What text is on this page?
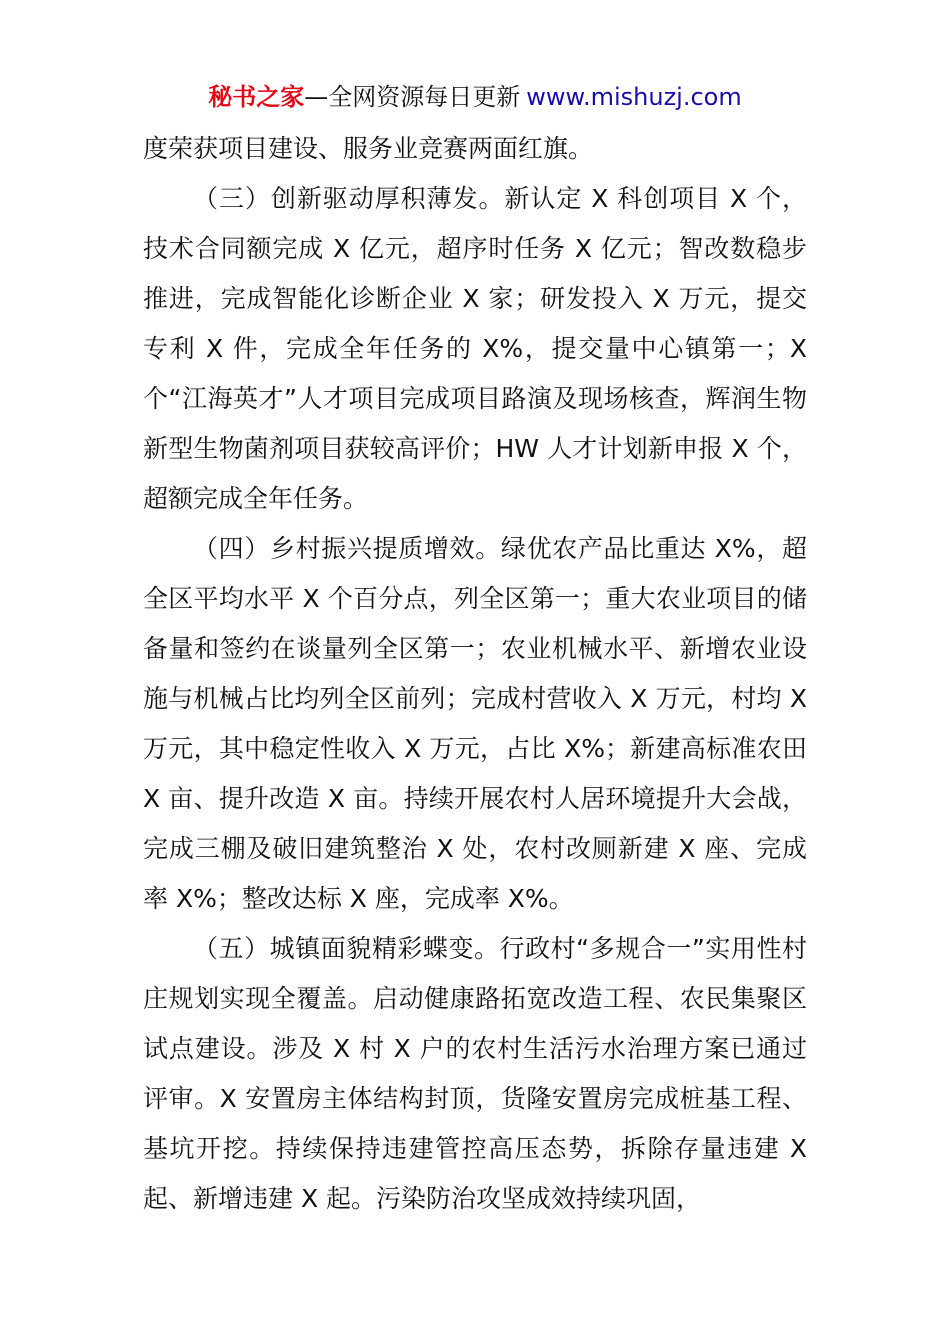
秘书之家—全网资源每日更新 www.mishuzj.com

度荣获项目建设、服务业竞赛两面红旗。

（三）创新驱动厚积薄发。新认定 X 科创项目 X 个，技术合同额完成 X 亿元，超序时任务 X 亿元；智改数稳步推进，完成智能化诊断企业 X 家；研发投入 X 万元，提交专利 X 件，完成全年任务的 X%，提交量中心镇第一；X 个“江海英才”人才项目完成项目路演及现场核查，辉润生物新型生物菌剂项目获较高评价；HW 人才计划新申报 X 个，超额完成全年任务。

（四）乡村振兴提质增效。绿优农产品比重达 X%，超全区平均水平 X 个百分点，列全区第一；重大农业项目的储备量和签约在谈量列全区第一；农业机械水平、新增农业设施与机械占比均列全区前列；完成村营收入 X 万元，村均 X 万元，其中稳定性收入 X 万元，占比 X%；新建高标准农田 X 亩、提升改造 X 亩。持续开展农村人居环境提升大会战，完成三棚及破旧建筑整治 X 处，农村改厕新建 X 座、完成率 X%；整改达标 X 座，完成率 X%。

（五）城镇面貌精彩蝶变。行政村“多规合一”实用性村庄规划实现全覆盖。启动健康路拓宽改造工程、农民集聚区试点建设。涉及 X 村 X 户的农村生活污水治理方案已通过评审。X 安置房主体结构封顶，货隆安置房完成桩基工程、基坑开挖。持续保持违建管控高压态势，拆除存量违建 X 起、新增违建 X 起。污染防治攻坚成效持续巩固，
